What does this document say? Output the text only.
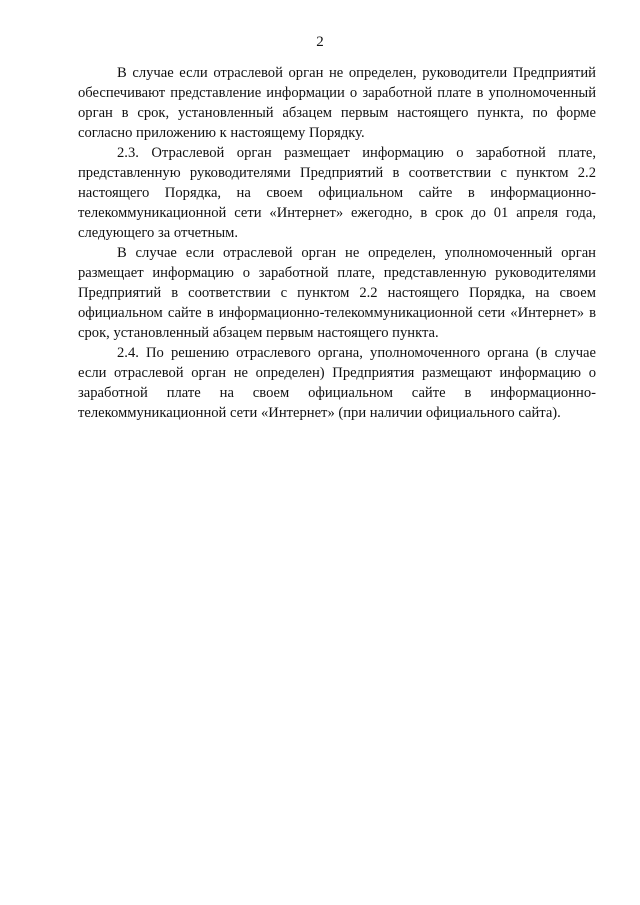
2

В случае если отраслевой орган не определен, руководители Предприятий обеспечивают представление информации о заработной плате в уполномоченный орган в срок, установленный абзацем первым настоящего пункта, по форме согласно приложению к настоящему Порядку.

2.3. Отраслевой орган размещает информацию о заработной плате, представленную руководителями Предприятий в соответствии с пунктом 2.2 настоящего Порядка, на своем официальном сайте в информационно-телекоммуникационной сети «Интернет» ежегодно, в срок до 01 апреля года, следующего за отчетным.

В случае если отраслевой орган не определен, уполномоченный орган размещает информацию о заработной плате, представленную руководителями Предприятий в соответствии с пунктом 2.2 настоящего Порядка, на своем официальном сайте в информационно-телекоммуникационной сети «Интернет» в срок, установленный абзацем первым настоящего пункта.

2.4. По решению отраслевого органа, уполномоченного органа (в случае если отраслевой орган не определен) Предприятия размещают информацию о заработной плате на своем официальном сайте в информационно-телекоммуникационной сети «Интернет» (при наличии официального сайта).
